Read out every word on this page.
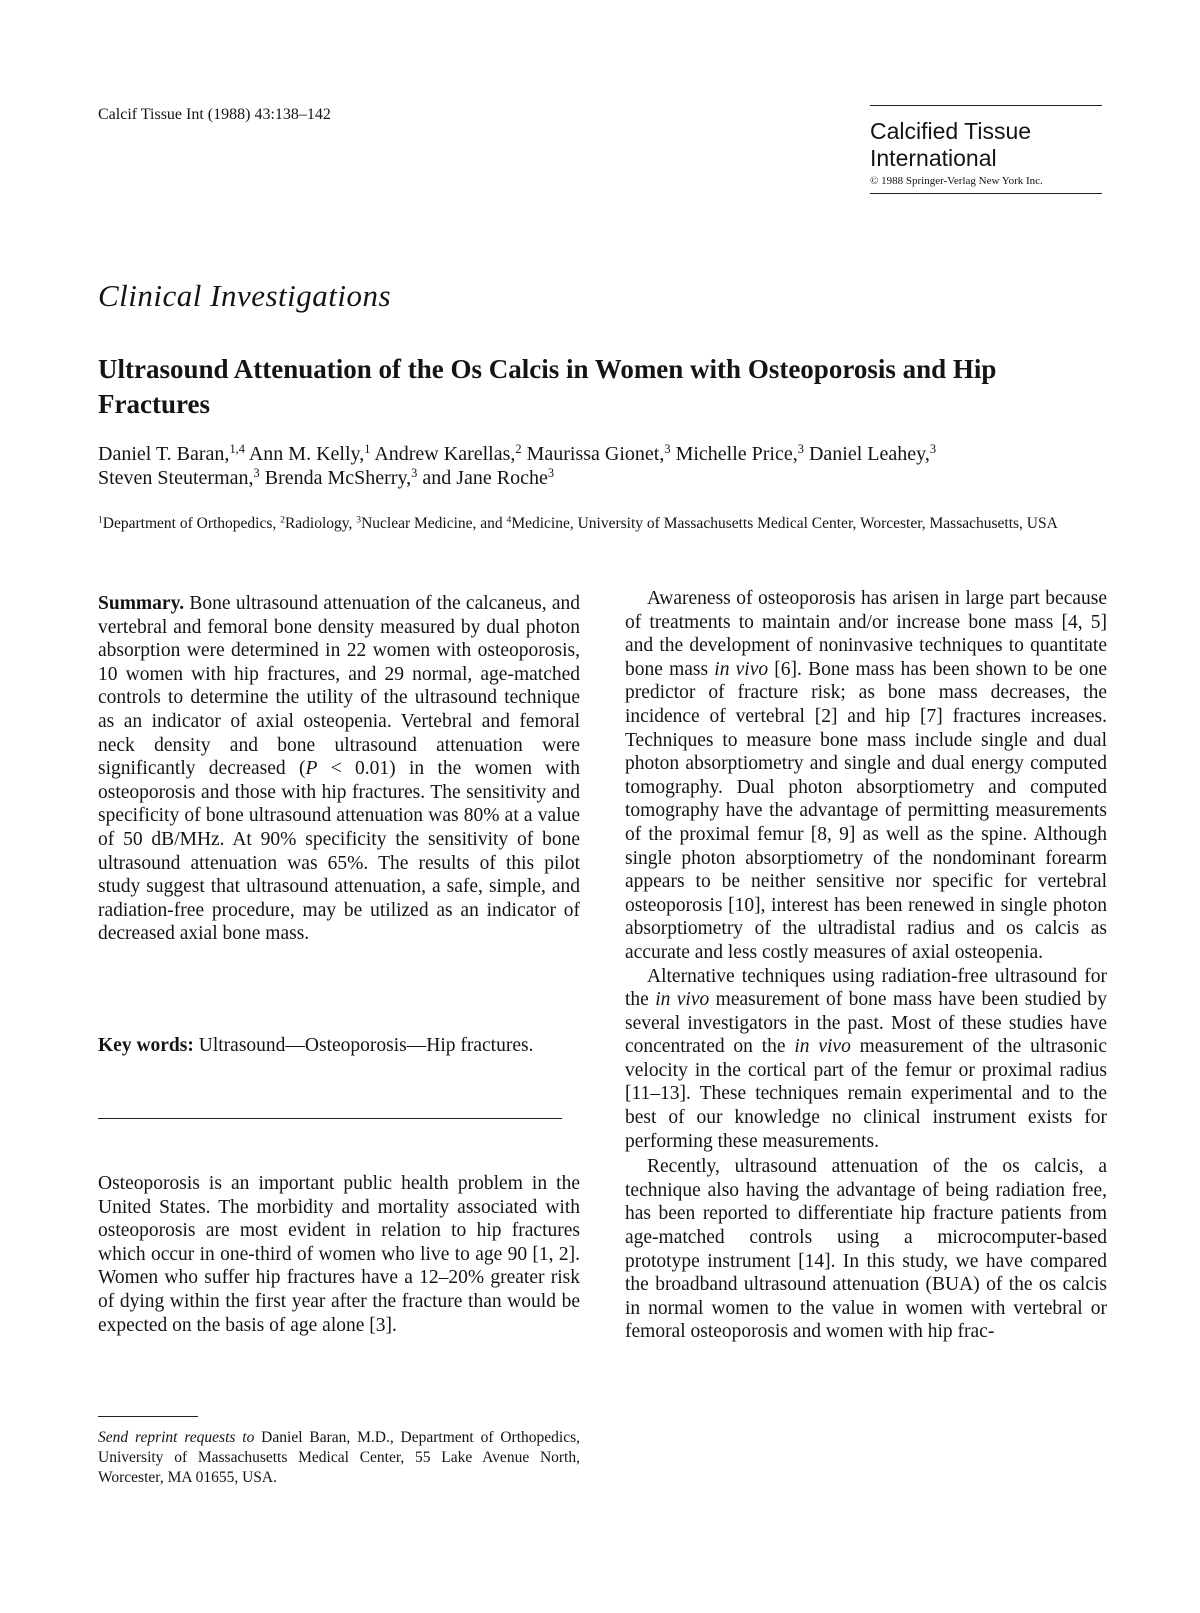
Calcif Tissue Int (1988) 43:138–142
Calcified Tissue
International
© 1988 Springer-Verlag New York Inc.
Clinical Investigations
Ultrasound Attenuation of the Os Calcis in Women with Osteoporosis and Hip Fractures
Daniel T. Baran,$^{1,4}$ Ann M. Kelly,$^1$ Andrew Karellas,$^2$ Maurissa Gionet,$^3$ Michelle Price,$^3$ Daniel Leahey,$^3$
Steven Steuterman,$^3$ Brenda McSherry,$^3$ and Jane Roche$^3$
$^1$Department of Orthopedics, $^2$Radiology, $^3$Nuclear Medicine, and $^4$Medicine, University of Massachusetts Medical Center, Worcester, Massachusetts, USA

Summary. Bone ultrasound attenuation of the calcaneus, and vertebral and femoral bone density measured by dual photon absorption were determined in 22 women with osteoporosis, 10 women with hip fractures, and 29 normal, age-matched controls to determine the utility of the ultrasound technique as an indicator of axial osteopenia. Vertebral and femoral neck density and bone ultrasound attenuation were significantly decreased (P < 0.01) in the women with osteoporosis and those with hip fractures. The sensitivity and specificity of bone ultrasound attenuation was 80% at a value of 50 dB/MHz. At 90% specificity the sensitivity of bone ultrasound attenuation was 65%. The results of this pilot study suggest that ultrasound attenuation, a safe, simple, and radiation-free procedure, may be utilized as an indicator of decreased axial bone mass.

Key words: Ultrasound—Osteoporosis—Hip fractures.

Osteoporosis is an important public health problem in the United States. The morbidity and mortality associated with osteoporosis are most evident in relation to hip fractures which occur in one-third of women who live to age 90 [1, 2]. Women who suffer hip fractures have a 12–20% greater risk of dying within the first year after the fracture than would be expected on the basis of age alone [3].

Send reprint requests to Daniel Baran, M.D., Department of Orthopedics, University of Massachusetts Medical Center, 55 Lake Avenue North, Worcester, MA 01655, USA.

Awareness of osteoporosis has arisen in large part because of treatments to maintain and/or increase bone mass [4, 5] and the development of noninvasive techniques to quantitate bone mass in vivo [6]. Bone mass has been shown to be one predictor of fracture risk; as bone mass decreases, the incidence of vertebral [2] and hip [7] fractures increases. Techniques to measure bone mass include single and dual photon absorptiometry and single and dual energy computed tomography. Dual photon absorptiometry and computed tomography have the advantage of permitting measurements of the proximal femur [8, 9] as well as the spine. Although single photon absorptiometry of the nondominant forearm appears to be neither sensitive nor specific for vertebral osteoporosis [10], interest has been renewed in single photon absorptiometry of the ultradistal radius and os calcis as accurate and less costly measures of axial osteopenia.

Alternative techniques using radiation-free ultrasound for the in vivo measurement of bone mass have been studied by several investigators in the past. Most of these studies have concentrated on the in vivo measurement of the ultrasonic velocity in the cortical part of the femur or proximal radius [11–13]. These techniques remain experimental and to the best of our knowledge no clinical instrument exists for performing these measurements.

Recently, ultrasound attenuation of the os calcis, a technique also having the advantage of being radiation free, has been reported to differentiate hip fracture patients from age-matched controls using a microcomputer-based prototype instrument [14]. In this study, we have compared the broadband ultrasound attenuation (BUA) of the os calcis in normal women to the value in women with vertebral or femoral osteoporosis and women with hip frac-
